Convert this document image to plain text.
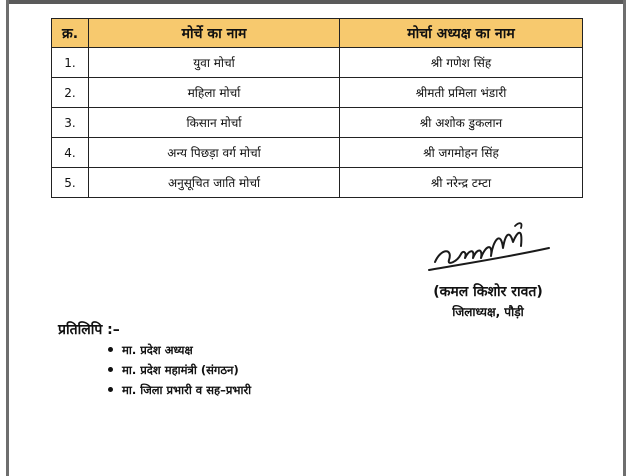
क्र.	मोर्चे का नाम	मोर्चा अध्यक्ष का नाम
1.	युवा मोर्चा	श्री गणेश सिंह
2.	महिला मोर्चा	श्रीमती प्रमिला भंडारी
3.	किसान मोर्चा	श्री अशोक डुकलान
4.	अन्य पिछड़ा वर्ग मोर्चा	श्री जगमोहन सिंह
5.	अनुसूचित जाति मोर्चा	श्री नरेन्द्र टम्टा
(कमल किशोर रावत)
जिलाध्यक्ष, पौड़ी
प्रतिलिपि :–
मा. प्रदेश अध्यक्ष
मा. प्रदेश महामंत्री (संगठन)
मा. जिला प्रभारी व सह–प्रभारी
